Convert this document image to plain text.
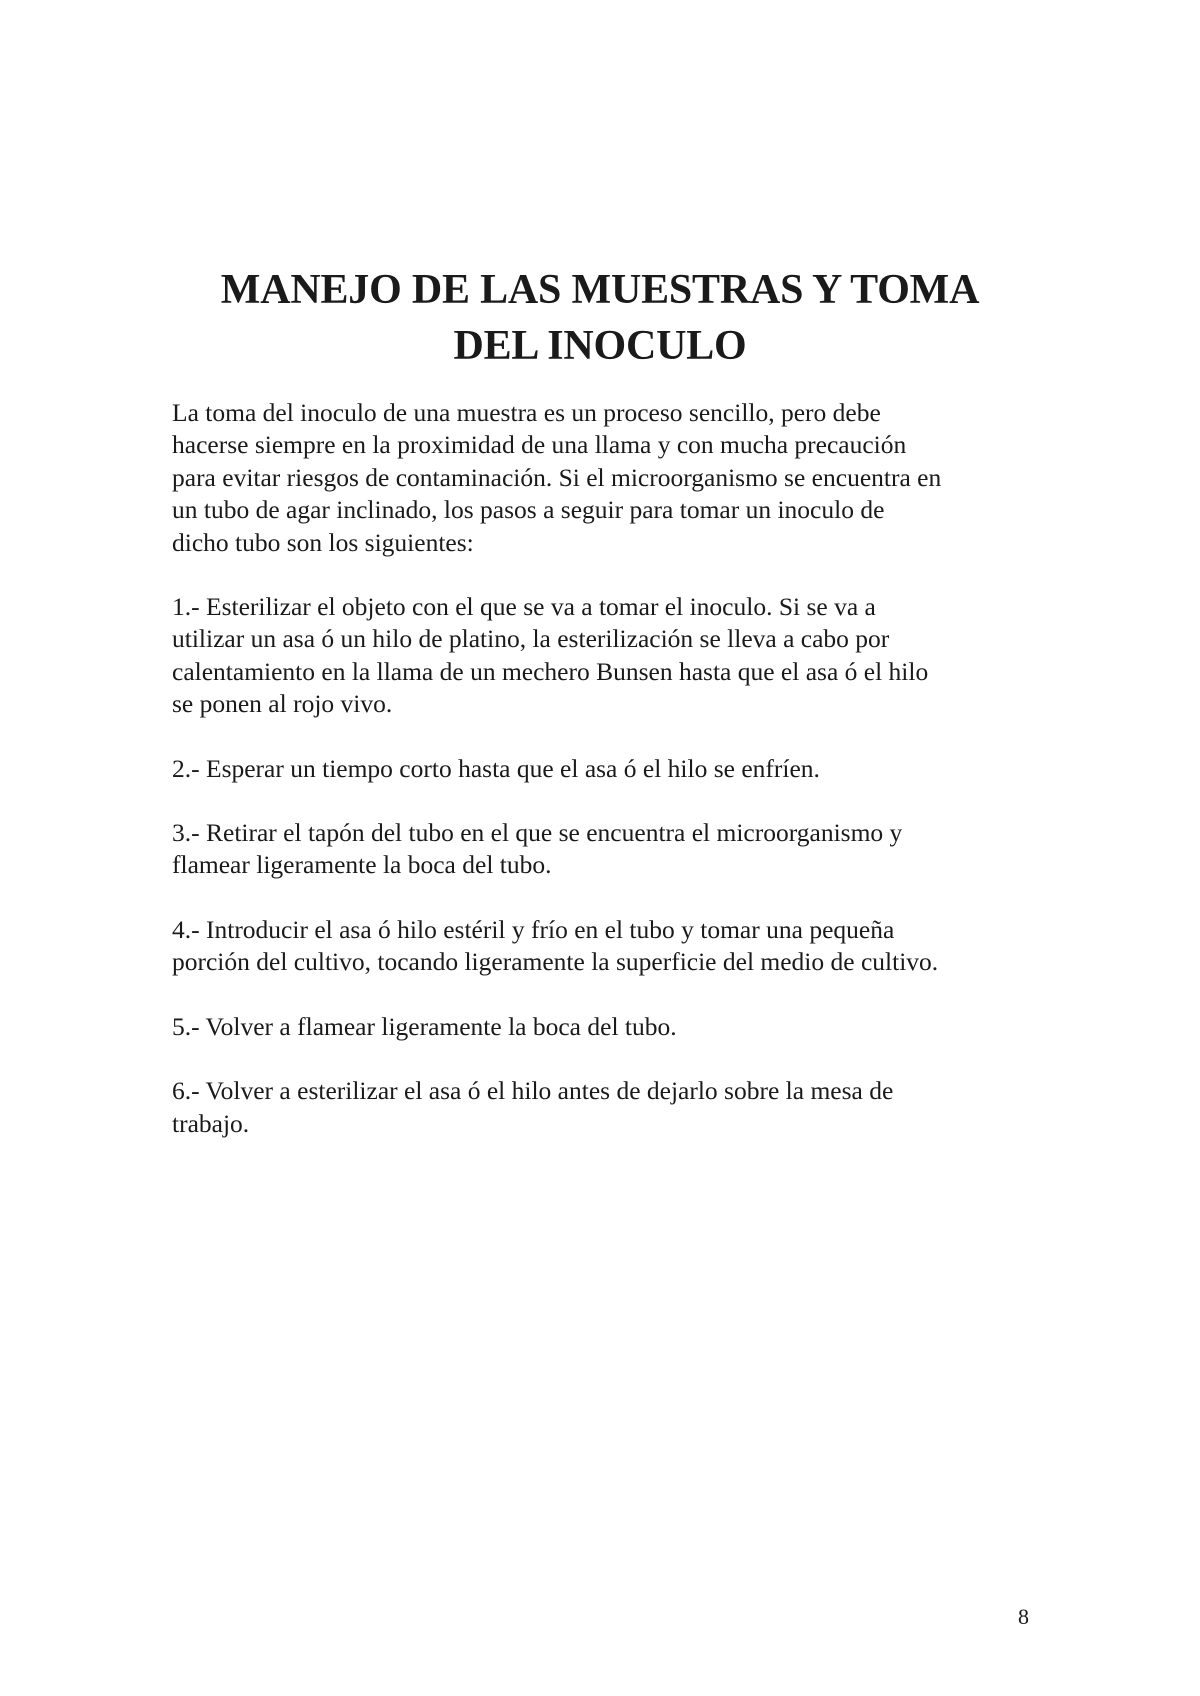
MANEJO DE LAS MUESTRAS Y TOMA
DEL INOCULO

La toma del inoculo de una muestra es un proceso sencillo, pero debe
hacerse siempre en la proximidad de una llama y con mucha precaución
para evitar riesgos de contaminación. Si el microorganismo se encuentra en
un tubo de agar inclinado, los pasos a seguir para tomar un inoculo de
dicho tubo son los siguientes:

1.- Esterilizar el objeto con el que se va a tomar el inoculo. Si se va a
utilizar un asa ó un hilo de platino, la esterilización se lleva a cabo por
calentamiento en la llama de un mechero Bunsen hasta que el asa ó el hilo
se ponen al rojo vivo.

2.- Esperar un tiempo corto hasta que el asa ó el hilo se enfríen.

3.- Retirar el tapón del tubo en el que se encuentra el microorganismo y
flamear ligeramente la boca del tubo.

4.- Introducir el asa ó hilo estéril y frío en el tubo y tomar una pequeña
porción del cultivo, tocando ligeramente la superficie del medio de cultivo.

5.- Volver a flamear ligeramente la boca del tubo.

6.- Volver a esterilizar el asa ó el hilo antes de dejarlo sobre la mesa de
trabajo.

8
